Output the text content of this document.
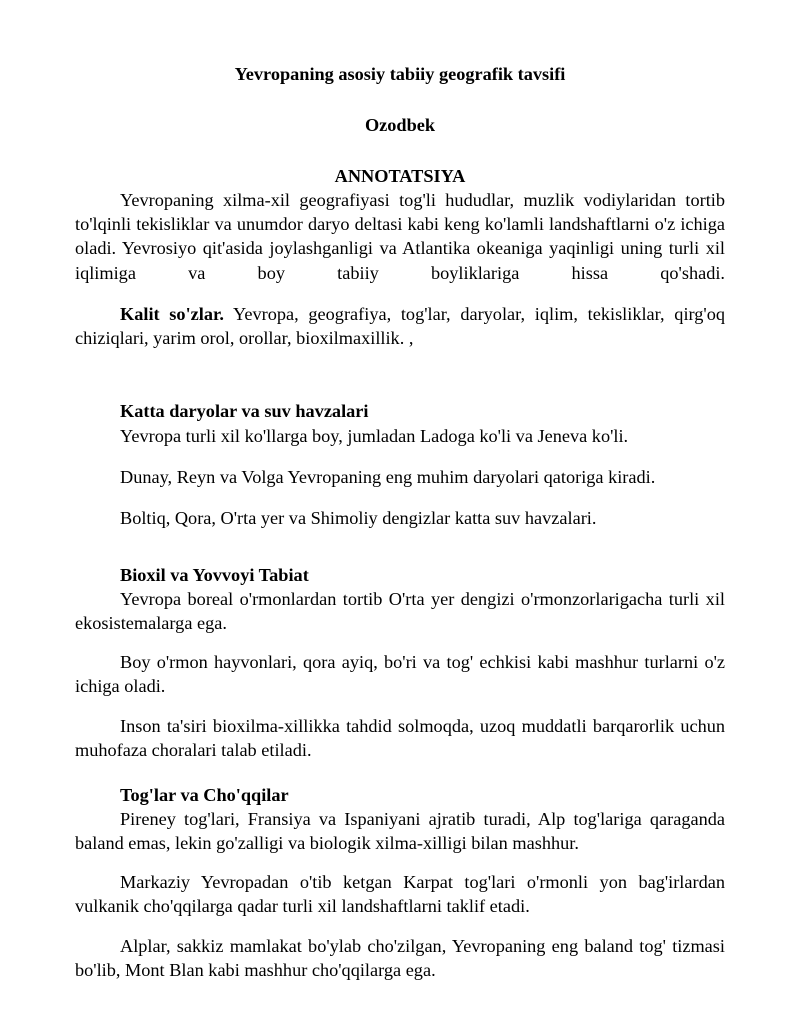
Yevropaning asosiy tabiiy geografik tavsifi
Ozodbek
ANNOTATSIYA

Yevropaning xilma-xil geografiyasi tog'li hududlar, muzlik vodiylaridan tortib to'lqinli tekisliklar va unumdor daryo deltasi kabi keng ko'lamli landshaftlarni o'z ichiga oladi. Yevrosiyo qit'asida joylashganligi va Atlantika okeaniga yaqinligi uning turli xil iqlimiga va boy tabiiy boyliklariga hissa qo'shadi.

Kalit so'zlar. Yevropa, geografiya, tog'lar, daryolar, iqlim, tekisliklar, qirg'oq chiziqlari, yarim orol, orollar, bioxilmaxillik. ,

Katta daryolar va suv havzalari

Yevropa turli xil ko'llarga boy, jumladan Ladoga ko'li va Jeneva ko'li.

Dunay, Reyn va Volga Yevropaning eng muhim daryolari qatoriga kiradi.

Boltiq, Qora, O'rta yer va Shimoliy dengizlar katta suv havzalari.

Bioxil va Yovvoyi Tabiat

Yevropa boreal o'rmonlardan tortib O'rta yer dengizi o'rmonzorlarigacha turli xil ekosistemalarga ega.

Boy o'rmon hayvonlari, qora ayiq, bo'ri va tog' echkisi kabi mashhur turlarni o'z ichiga oladi.

Inson ta'siri bioxilma-xillikka tahdid solmoqda, uzoq muddatli barqarorlik uchun muhofaza choralari talab etiladi.

Tog'lar va Cho'qqilar

Pireney tog'lari, Fransiya va Ispaniyani ajratib turadi, Alp tog'lariga qaraganda baland emas, lekin go'zalligi va biologik xilma-xilligi bilan mashhur.

Markaziy Yevropadan o'tib ketgan Karpat tog'lari o'rmonli yon bag'irlardan vulkanik cho'qqilarga qadar turli xil landshaftlarni taklif etadi.

Alplar, sakkiz mamlakat bo'ylab cho'zilgan, Yevropaning eng baland tog' tizmasi bo'lib, Mont Blan kabi mashhur cho'qqilarga ega.
